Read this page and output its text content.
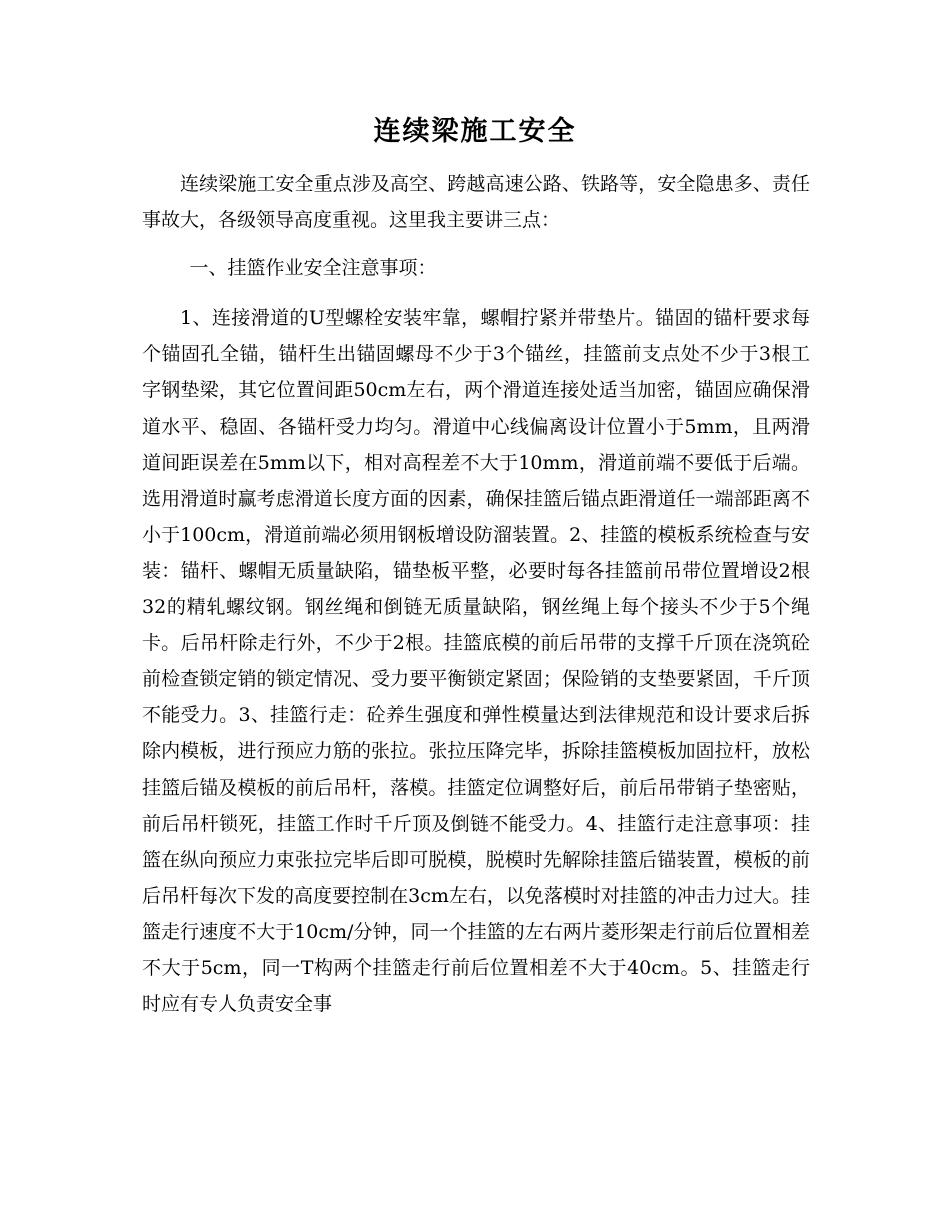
连续梁施工安全

连续梁施工安全重点涉及高空、跨越高速公路、铁路等，安全隐患多、责任事故大，各级领导高度重视。这里我主要讲三点：

一、挂篮作业安全注意事项：

1、连接滑道的U型螺栓安装牢靠，螺帽拧紧并带垫片。锚固的锚杆要求每个锚固孔全锚，锚杆生出锚固螺母不少于3个锚丝，挂篮前支点处不少于3根工字钢垫梁，其它位置间距50cm左右，两个滑道连接处适当加密，锚固应确保滑道水平、稳固、各锚杆受力均匀。滑道中心线偏离设计位置小于5mm，且两滑道间距误差在5mm以下，相对高程差不大于10mm，滑道前端不要低于后端。选用滑道时赢考虑滑道长度方面的因素，确保挂篮后锚点距滑道任一端部距离不小于100cm，滑道前端必须用钢板增设防溜装置。2、挂篮的模板系统检查与安装：锚杆、螺帽无质量缺陷，锚垫板平整，必要时每各挂篮前吊带位置增设2根32的精轧螺纹钢。钢丝绳和倒链无质量缺陷，钢丝绳上每个接头不少于5个绳卡。后吊杆除走行外，不少于2根。挂篮底模的前后吊带的支撑千斤顶在浇筑砼前检查锁定销的锁定情况、受力要平衡锁定紧固；保险销的支垫要紧固，千斤顶不能受力。3、挂篮行走：砼养生强度和弹性模量达到法律规范和设计要求后拆除内模板，进行预应力筋的张拉。张拉压降完毕，拆除挂篮模板加固拉杆，放松挂篮后锚及模板的前后吊杆，落模。挂篮定位调整好后，前后吊带销子垫密贴，前后吊杆锁死，挂篮工作时千斤顶及倒链不能受力。4、挂篮行走注意事项：挂篮在纵向预应力束张拉完毕后即可脱模，脱模时先解除挂篮后锚装置，模板的前后吊杆每次下发的高度要控制在3cm左右，以免落模时对挂篮的冲击力过大。挂篮走行速度不大于10cm/分钟，同一个挂篮的左右两片菱形架走行前后位置相差不大于5cm，同一T构两个挂篮走行前后位置相差不大于40cm。5、挂篮走行时应有专人负责安全事
